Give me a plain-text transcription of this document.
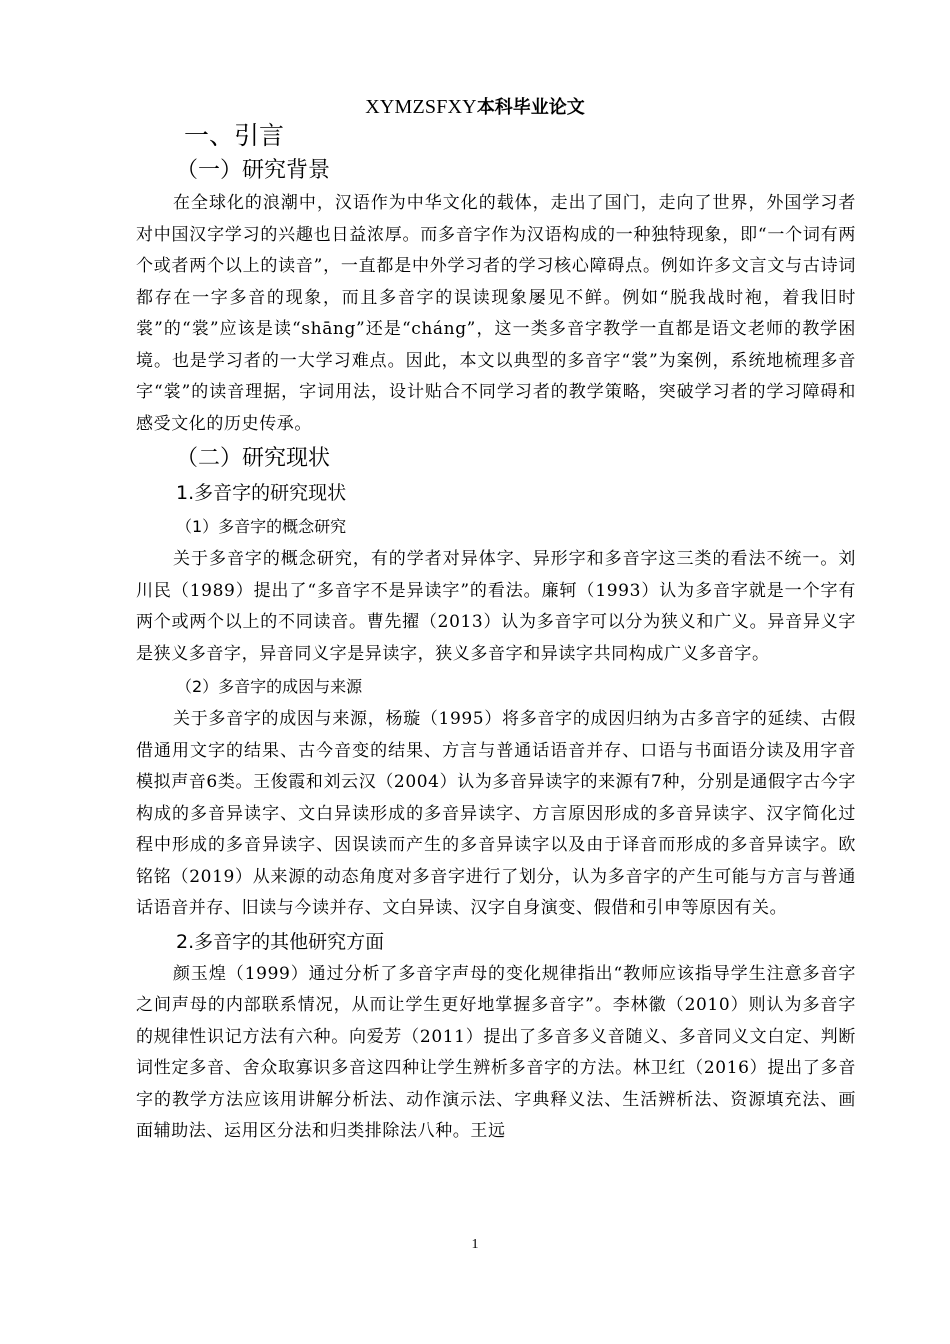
XYMZSFXY本科毕业论文
一、引言
（一）研究背景

在全球化的浪潮中，汉语作为中华文化的载体，走出了国门，走向了世界，外国学习者对中国汉字学习的兴趣也日益浓厚。而多音字作为汉语构成的一种独特现象，即“一个词有两个或者两个以上的读音”，一直都是中外学习者的学习核心障碍点。例如许多文言文与古诗词都存在一字多音的现象，而且多音字的误读现象屡见不鲜。例如“脱我战时袍，着我旧时裳”的“裳”应该是读“shāng”还是“cháng”，这一类多音字教学一直都是语文老师的教学困境。也是学习者的一大学习难点。因此，本文以典型的多音字“裳”为案例，系统地梳理多音字“裳”的读音理据，字词用法，设计贴合不同学习者的教学策略，突破学习者的学习障碍和感受文化的历史传承。

（二）研究现状
1.多音字的研究现状
（1）多音字的概念研究

关于多音字的概念研究，有的学者对异体字、异形字和多音字这三类的看法不统一。刘川民（1989）提出了“多音字不是异读字”的看法。廉轲（1993）认为多音字就是一个字有两个或两个以上的不同读音。曹先擢（2013）认为多音字可以分为狭义和广义。异音异义字是狭义多音字，异音同义字是异读字，狭义多音字和异读字共同构成广义多音字。

（2）多音字的成因与来源

关于多音字的成因与来源，杨璇（1995）将多音字的成因归纳为古多音字的延续、古假借通用文字的结果、古今音变的结果、方言与普通话语音并存、口语与书面语分读及用字音模拟声音6类。王俊霞和刘云汉（2004）认为多音异读字的来源有7种，分别是通假字古今字构成的多音异读字、文白异读形成的多音异读字、方言原因形成的多音异读字、汉字简化过程中形成的多音异读字、因误读而产生的多音异读字以及由于译音而形成的多音异读字。欧铭铭（2019）从来源的动态角度对多音字进行了划分，认为多音字的产生可能与方言与普通话语音并存、旧读与今读并存、文白异读、汉字自身演变、假借和引申等原因有关。

2.多音字的其他研究方面

颜玉煌（1999）通过分析了多音字声母的变化规律指出“教师应该指导学生注意多音字之间声母的内部联系情况，从而让学生更好地掌握多音字”。李林徽（2010）则认为多音字的规律性识记方法有六种。向爱芳（2011）提出了多音多义音随义、多音同义文白定、判断词性定多音、舍众取寡识多音这四种让学生辨析多音字的方法。林卫红（2016）提出了多音字的教学方法应该用讲解分析法、动作演示法、字典释义法、生活辨析法、资源填充法、画面辅助法、运用区分法和归类排除法八种。王远

1
